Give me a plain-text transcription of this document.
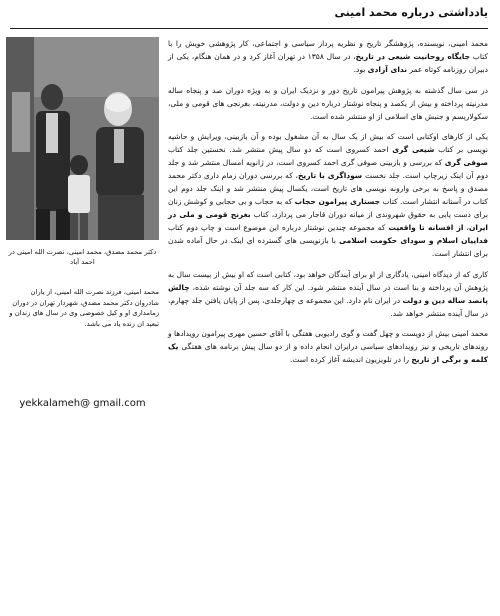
یادداشتی درباره محمد امینی

محمد امینی، نویسنده، پژوهشگر تاریخ و نظریه پرداز سیاسی و اجتماعی، کار پژوهشی خویش را با کتاب جایگاه روحانیت شیعی در تاریخ، در سال ۱۳۵۸ در تهران آغاز کرد و در همان هنگام، یکی از دبیران روزنامه کوتاه عمر ندای آزادی بود.

در سی سال گذشته به پژوهش پیرامون تاریخ دور و نزدیک ایران و به ویژه دوران صد و پنجاه ساله مدرنیته پرداخته و بیش از یکصد و پنجاه نوشتار درباره دین و دولت، مدرنیته، بغرنجی های قومی و ملی، سکولاریسم و جنبش های اسلامی از او منتشر شده است.

یکی از کارهای اوکتابی است که بیش از یک سال به آن مشغول بوده و آن بازبینی، ویرایش و حاشیه نویسی بر کتاب شیعی گری احمد کسروی است که دو سال پیش منتشر شد. نخستین جلد کتاب صوفی گری که بررسی و بازبینی صوفی گری احمد کسروی است، در ژانویه امسال منتشر شد و جلد دوم آن اینک زیرچاپ است. جلد نخست سوداگری با تاریخ، که بررسی دوران زمام داری دکتر محمد مصدق و پاسخ به برخی وارونه نویسی های تاریخ است، یکسال پیش منتشر شد و اینک جلد دوم این کتاب در آستانه انتشار است. کتاب جستاری پیرامون حجاب که به حجاب و بی حجابی و کوشش زنان برای دست یابی به حقوق شهروندی از میانه دوران قاجار می پردازد، کتاب بغرنج قومی و ملی در ایران، از افسانه تا واقعیت که مجموعه چندین نوشتار درباره این موضوع است و چاپ دوم کتاب فداییان اسلام و سودای حکومت اسلامی با بازنویسی های گسترده ای اینک در حال آماده شدن برای انتشار است.

کاری که از دیدگاه امینی، یادگاری از او برای آیندگان خواهد بود، کتابی است که او بیش از بیست سال به پژوهش آن پرداخته و بنا است در سال آینده منتشر شود. این کار که سه جلد آن نوشته شده، چالش پانصد ساله دین و دولت در ایران نام دارد. این مجموعه ی چهارجلدی، پس از پایان یافتن جلد چهارم، در سال آینده منتشر خواهد شد.

محمد امینی بیش از دویست و چهل گفت و گوی رادیویی هفتگی با آقای حسین مهری پیرامون رویدادها و روندهای تاریخی و نیز رویدادهای سیاسی درایران انجام داده و از دو سال پیش برنامه های هفتگی یک کلمه و برگی از تاریخ را در تلویزیون اندیشه آغاز کرده است.

دکتر محمد مصدق، محمد امینی، نصرت الله امینی در احمد آباد

محمد امینی، فرزند نصرت الله امینی، از یاران شادروان دکتر محمد مصدق، شهردار تهران در دوران زمامداری او و کیل خصوصی وی در سال های زندان و تبعید ان زنده یاد می باشد.

yekkalameh@ gmail.com
